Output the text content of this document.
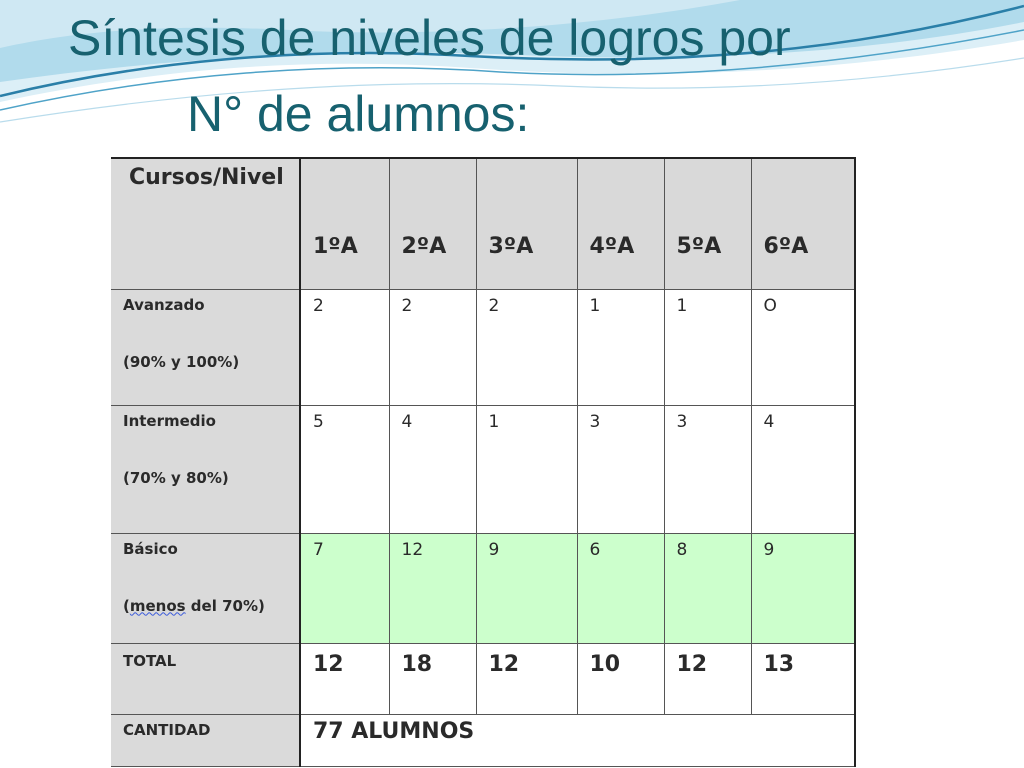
Síntesis de niveles de logros por
N° de alumnos:
Cursos/Nivel	1ºA	2ºA	3ºA	4ºA	5ºA	6ºA

Avanzado
(90% y 100%)	2	2	2	1	1	O

Intermedio
(70% y 80%)	5	4	1	3	3	4

Básico
(menos del 70%)	7	12	9	6	8	9

TOTAL	12	18	12	10	12	13

CANTIDAD	77 ALUMNOS					
